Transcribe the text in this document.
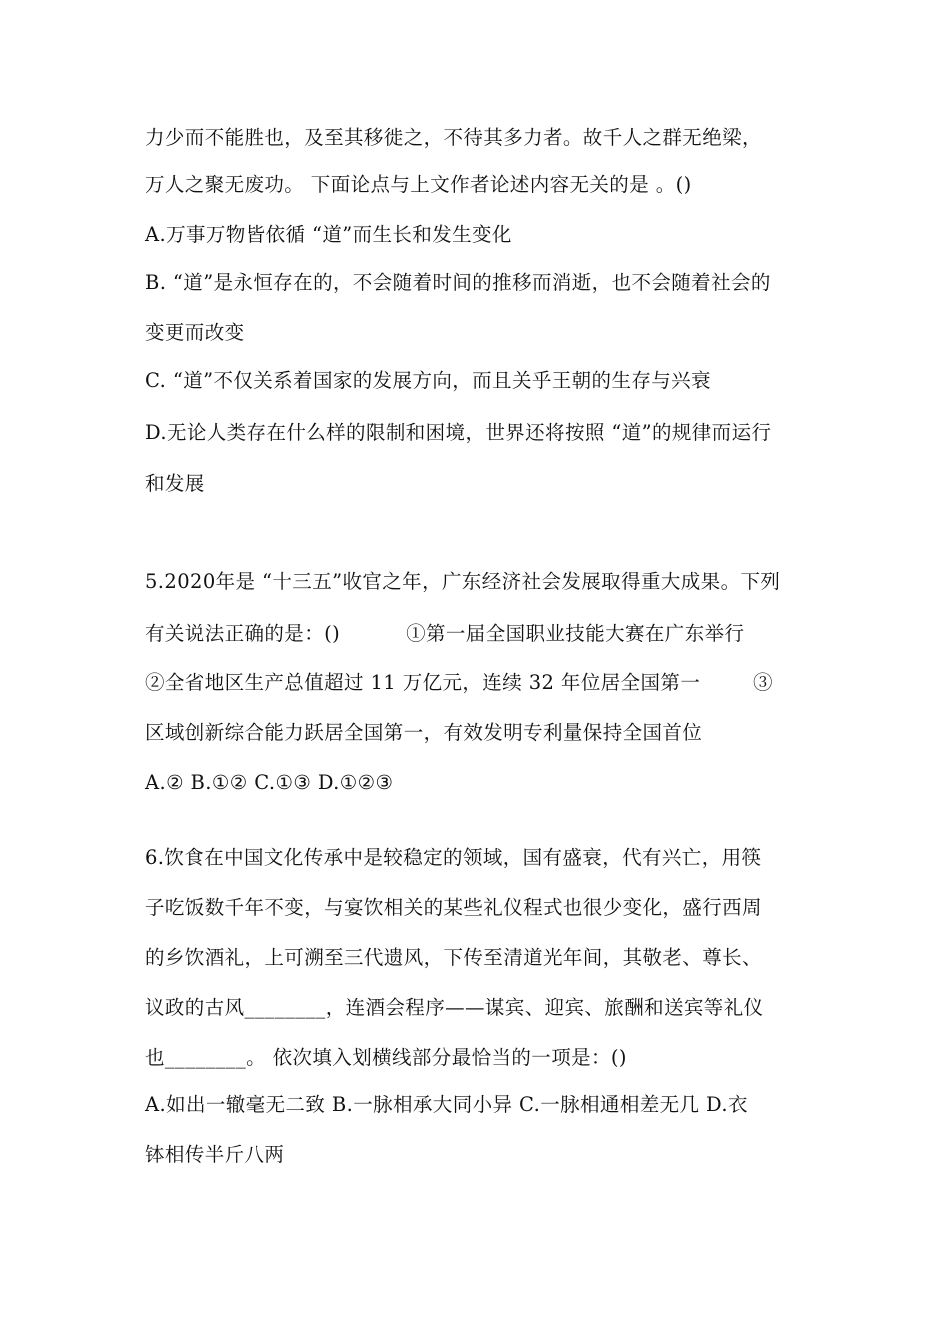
力少而不能胜也，及至其移徙之，不待其多力者。故千人之群无绝梁，
万人之聚无废功。 下面论点与上文作者论述内容无关的是 。()
A.万事万物皆依循 “道”而生长和发生变化
B. “道”是永恒存在的，不会随着时间的推移而消逝，也不会随着社会的
变更而改变
C. “道”不仅关系着国家的发展方向，而且关乎王朝的生存与兴衰
D.无论人类存在什么样的限制和困境，世界还将按照 “道”的规律而运行
和发展
5.2020年是 “十三五”收官之年，广东经济社会发展取得重大成果。下列
有关说法正确的是：()          ①第一届全国职业技能大赛在广东举行
②全省地区生产总值超过 11 万亿元，连续 32 年位居全国第一        ③
区域创新综合能力跃居全国第一，有效发明专利量保持全国首位
A.② B.①② C.①③ D.①②③
6.饮食在中国文化传承中是较稳定的领域，国有盛衰，代有兴亡，用筷
子吃饭数千年不变，与宴饮相关的某些礼仪程式也很少变化，盛行西周
的乡饮酒礼，上可溯至三代遗风，下传至清道光年间，其敬老、尊长、
议政的古风________，连酒会程序——谋宾、迎宾、旅酬和送宾等礼仪
也________。 依次填入划横线部分最恰当的一项是：()
A.如出一辙毫无二致 B.一脉相承大同小异 C.一脉相通相差无几 D.衣
钵相传半斤八两
